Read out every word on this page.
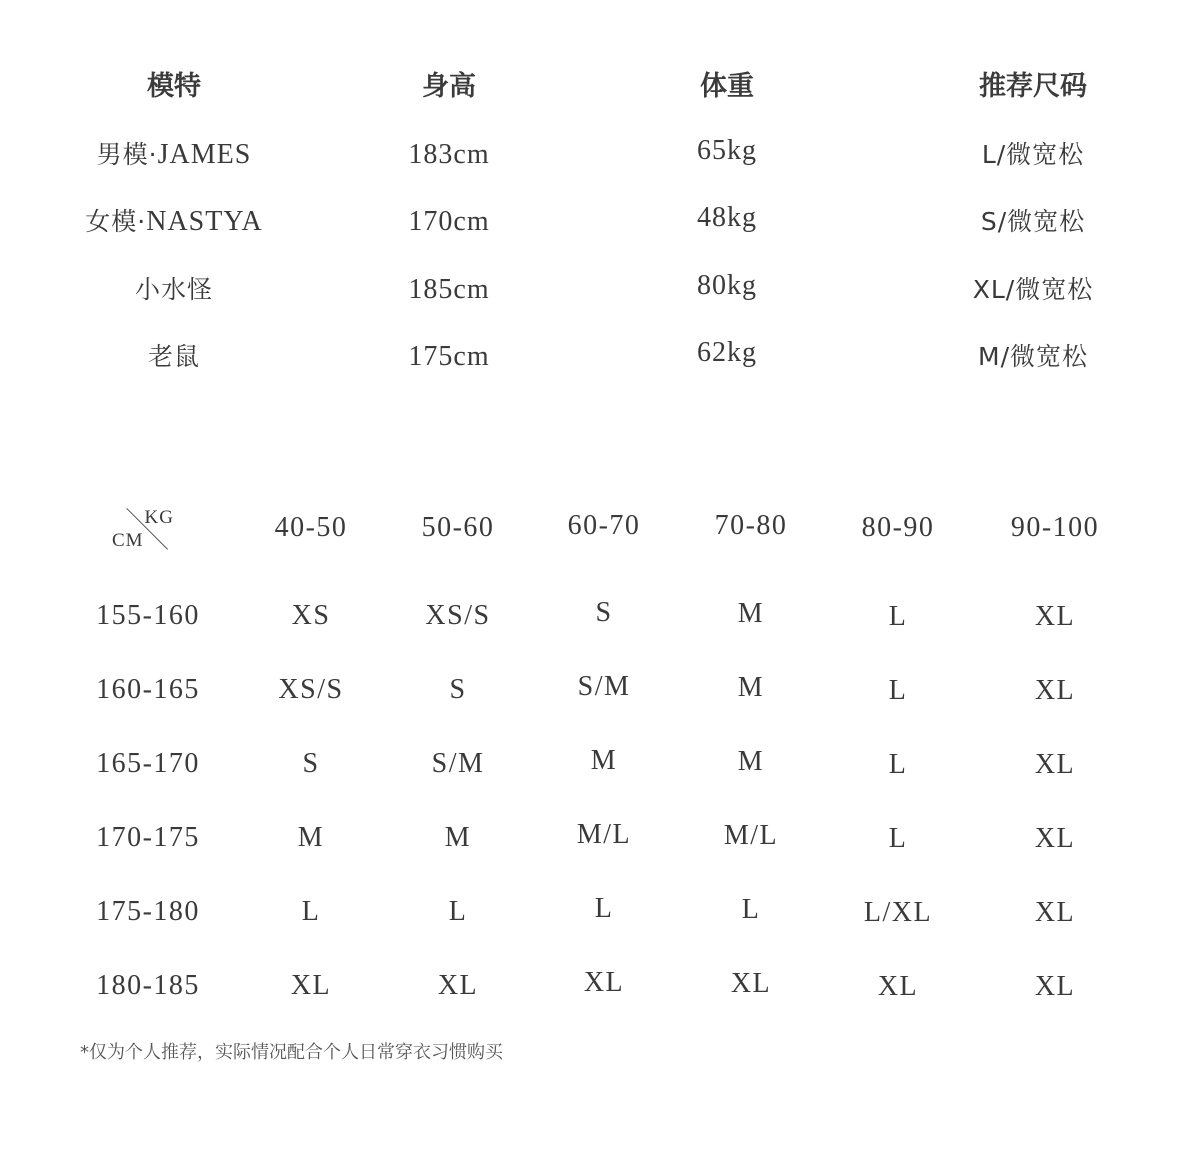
模特	身高	体重	推荐尺码
男模·JAMES	183cm	65kg	L/微宽松
女模·NASTYA	170cm	48kg	S/微宽松
小水怪	185cm	80kg	XL/微宽松
老鼠	175cm	62kg	M/微宽松
KG
CM	40-50	50-60	60-70	70-80	80-90	90-100
155-160	XS	XS/S	S	M	L	XL
160-165	XS/S	S	S/M	M	L	XL
165-170	S	S/M	M	M	L	XL
170-175	M	M	M/L	M/L	L	XL
175-180	L	L	L	L	L/XL	XL
180-185	XL	XL	XL	XL	XL	XL
*仅为个人推荐，实际情况配合个人日常穿衣习惯购买
